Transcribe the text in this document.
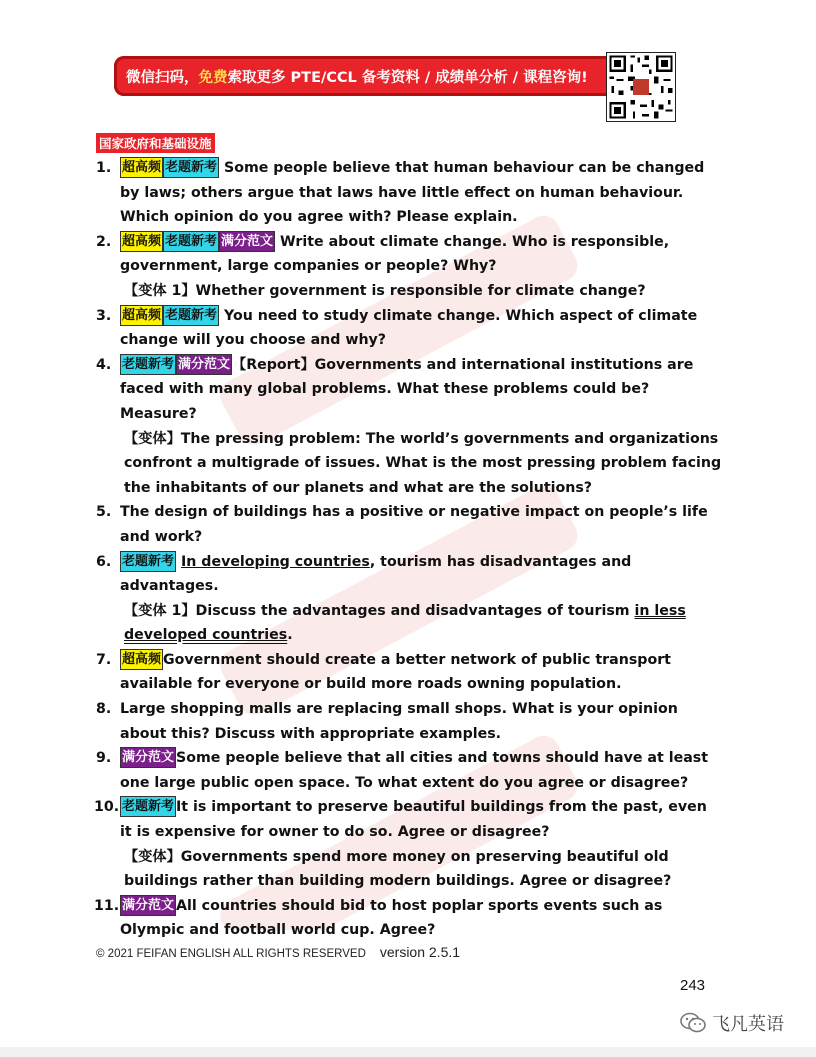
微信扫码，免费索取更多 PTE/CCL 备考资料 / 成绩单分析 / 课程咨询!
国家政府和基础设施
1. 超高频 老题新考 Some people believe that human behaviour can be changed by laws; others argue that laws have little effect on human behaviour. Which opinion do you agree with? Please explain.
2. 超高频 老题新考 满分范文 Write about climate change. Who is responsible, government, large companies or people? Why?
【变体 1】Whether government is responsible for climate change?
3. 超高频 老题新考 You need to study climate change. Which aspect of climate change will you choose and why?
4. 老题新考 满分范文 【Report】Governments and international institutions are faced with many global problems. What these problems could be? Measure?
【变体】The pressing problem: The world’s governments and organizations confront a multigrade of issues. What is the most pressing problem facing the inhabitants of our planets and what are the solutions?
5. The design of buildings has a positive or negative impact on people’s life and work?
6. 老题新考 In developing countries, tourism has disadvantages and advantages.
【变体 1】Discuss the advantages and disadvantages of tourism in less developed countries.
7. 超高频 Government should create a better network of public transport available for everyone or build more roads owning population.
8. Large shopping malls are replacing small shops. What is your opinion about this? Discuss with appropriate examples.
9. 满分范文 Some people believe that all cities and towns should have at least one large public open space. To what extent do you agree or disagree?
10. 老题新考 It is important to preserve beautiful buildings from the past, even it is expensive for owner to do so. Agree or disagree?
【变体】Governments spend more money on preserving beautiful old buildings rather than building modern buildings. Agree or disagree?
11. 满分范文 All countries should bid to host poplar sports events such as Olympic and football world cup. Agree?
© 2021 FEIFAN ENGLISH ALL RIGHTS RESERVED version 2.5.1
243
飞凡英语
